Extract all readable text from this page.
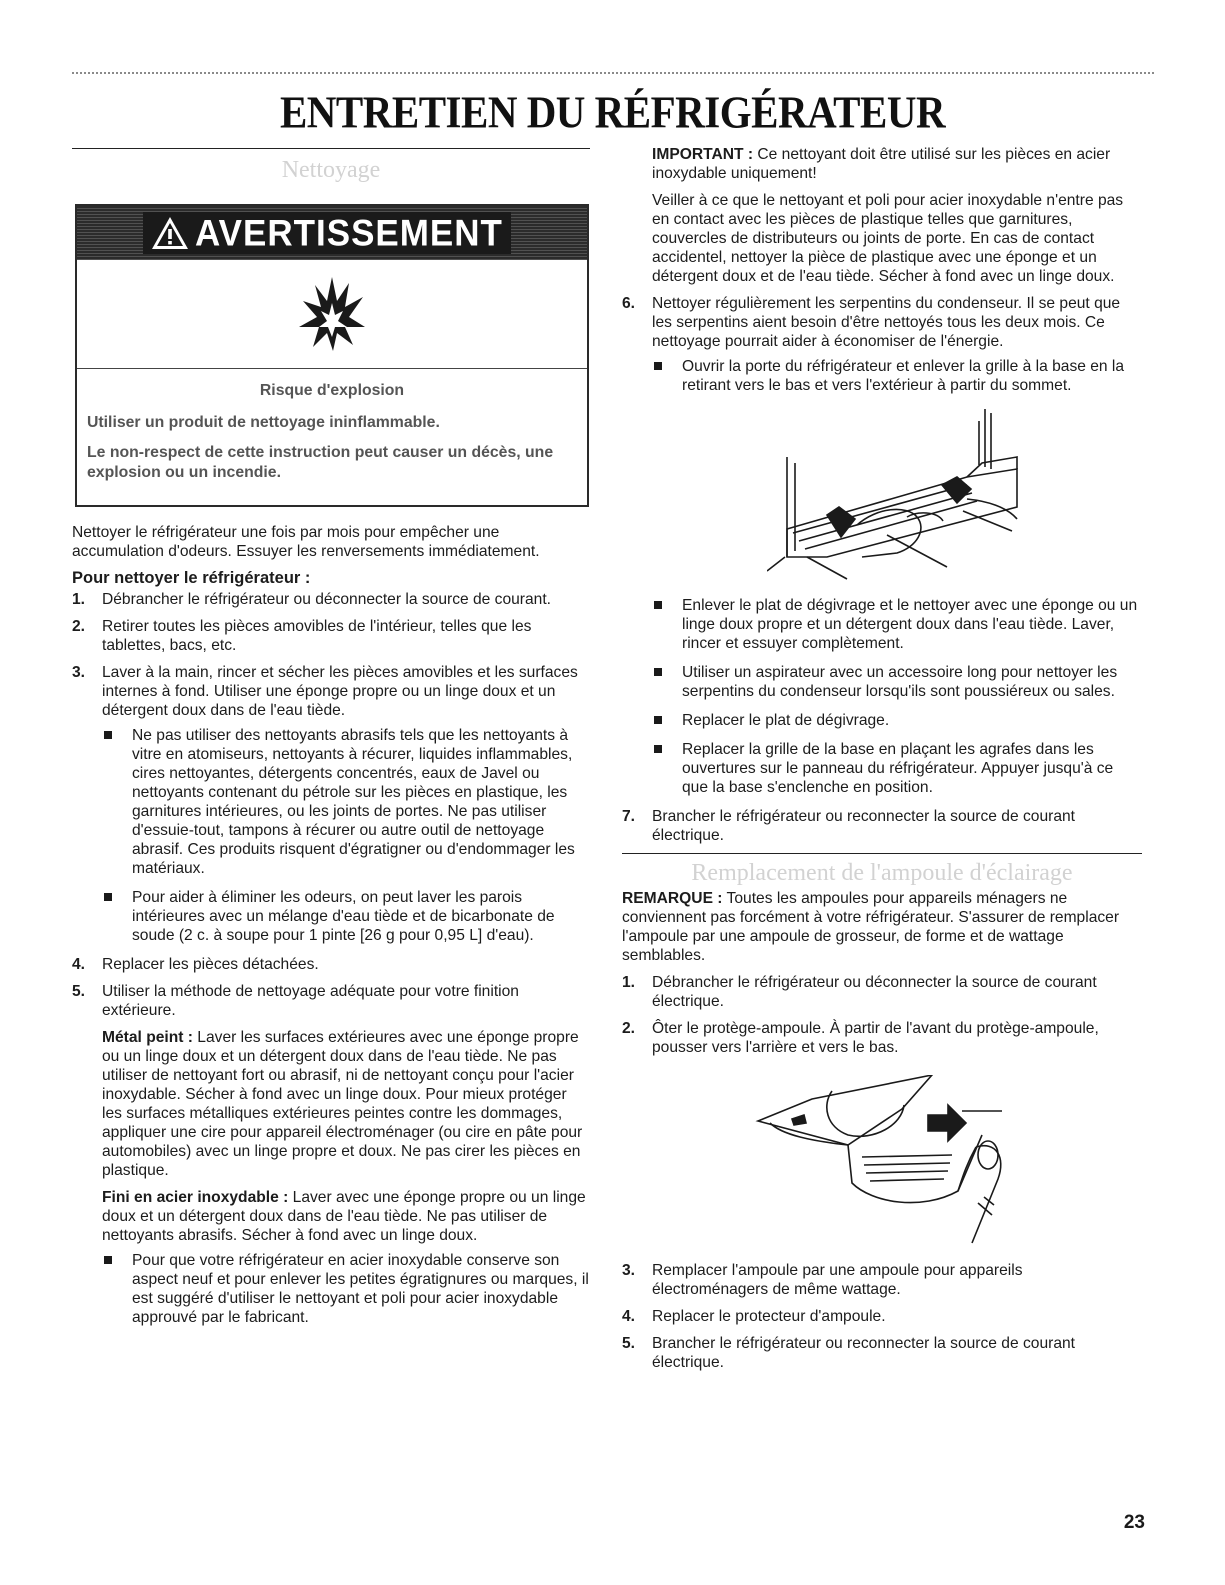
ENTRETIEN DU RÉFRIGÉRATEUR
Nettoyage
AVERTISSEMENT
Risque d'explosion
Utiliser un produit de nettoyage ininflammable.
Le non-respect de cette instruction peut causer un décès, une explosion ou un incendie.

Nettoyer le réfrigérateur une fois par mois pour empêcher une accumulation d'odeurs. Essuyer les renversements immédiatement.

Pour nettoyer le réfrigérateur :
1. Débrancher le réfrigérateur ou déconnecter la source de courant.
2. Retirer toutes les pièces amovibles de l'intérieur, telles que les tablettes, bacs, etc.
3. Laver à la main, rincer et sécher les pièces amovibles et les surfaces internes à fond. Utiliser une éponge propre ou un linge doux et un détergent doux dans de l'eau tiède.
Ne pas utiliser des nettoyants abrasifs tels que les nettoyants à vitre en atomiseurs, nettoyants à récurer, liquides inflammables, cires nettoyantes, détergents concentrés, eaux de Javel ou nettoyants contenant du pétrole sur les pièces en plastique, les garnitures intérieures, ou les joints de portes. Ne pas utiliser d'essuie-tout, tampons à récurer ou autre outil de nettoyage abrasif. Ces produits risquent d'égratigner ou d'endommager les matériaux.
Pour aider à éliminer les odeurs, on peut laver les parois intérieures avec un mélange d'eau tiède et de bicarbonate de soude (2 c. à soupe pour 1 pinte [26 g pour 0,95 L] d'eau).
4. Replacer les pièces détachées.
5. Utiliser la méthode de nettoyage adéquate pour votre finition extérieure.

Métal peint : Laver les surfaces extérieures avec une éponge propre ou un linge doux et un détergent doux dans de l'eau tiède. Ne pas utiliser de nettoyant fort ou abrasif, ni de nettoyant conçu pour l'acier inoxydable. Sécher à fond avec un linge doux. Pour mieux protéger les surfaces métalliques extérieures peintes contre les dommages, appliquer une cire pour appareil électroménager (ou cire en pâte pour automobiles) avec un linge propre et doux. Ne pas cirer les pièces en plastique.

Fini en acier inoxydable : Laver avec une éponge propre ou un linge doux et un détergent doux dans de l'eau tiède. Ne pas utiliser de nettoyants abrasifs. Sécher à fond avec un linge doux.

Pour que votre réfrigérateur en acier inoxydable conserve son aspect neuf et pour enlever les petites égratignures ou marques, il est suggéré d'utiliser le nettoyant et poli pour acier inoxydable approuvé par le fabricant.

IMPORTANT : Ce nettoyant doit être utilisé sur les pièces en acier inoxydable uniquement!

Veiller à ce que le nettoyant et poli pour acier inoxydable n'entre pas en contact avec les pièces de plastique telles que garnitures, couvercles de distributeurs ou joints de porte. En cas de contact accidentel, nettoyer la pièce de plastique avec une éponge et un détergent doux et de l'eau tiède. Sécher à fond avec un linge doux.

6. Nettoyer régulièrement les serpentins du condenseur. Il se peut que les serpentins aient besoin d'être nettoyés tous les deux mois. Ce nettoyage pourrait aider à économiser de l'énergie.
Ouvrir la porte du réfrigérateur et enlever la grille à la base en la retirant vers le bas et vers l'extérieur à partir du sommet.
Enlever le plat de dégivrage et le nettoyer avec une éponge ou un linge doux propre et un détergent doux dans l'eau tiède. Laver, rincer et essuyer complètement.
Utiliser un aspirateur avec un accessoire long pour nettoyer les serpentins du condenseur lorsqu'ils sont poussiéreux ou sales.
Replacer le plat de dégivrage.
Replacer la grille de la base en plaçant les agrafes dans les ouvertures sur le panneau du réfrigérateur. Appuyer jusqu'à ce que la base s'enclenche en position.
7. Brancher le réfrigérateur ou reconnecter la source de courant électrique.
Remplacement de l'ampoule d'éclairage

REMARQUE : Toutes les ampoules pour appareils ménagers ne conviennent pas forcément à votre réfrigérateur. S'assurer de remplacer l'ampoule par une ampoule de grosseur, de forme et de wattage semblables.

1. Débrancher le réfrigérateur ou déconnecter la source de courant électrique.
2. Ôter le protège-ampoule. À partir de l'avant du protège-ampoule, pousser vers l'arrière et vers le bas.
3. Remplacer l'ampoule par une ampoule pour appareils électroménagers de même wattage.
4. Replacer le protecteur d'ampoule.
5. Brancher le réfrigérateur ou reconnecter la source de courant électrique.
23
